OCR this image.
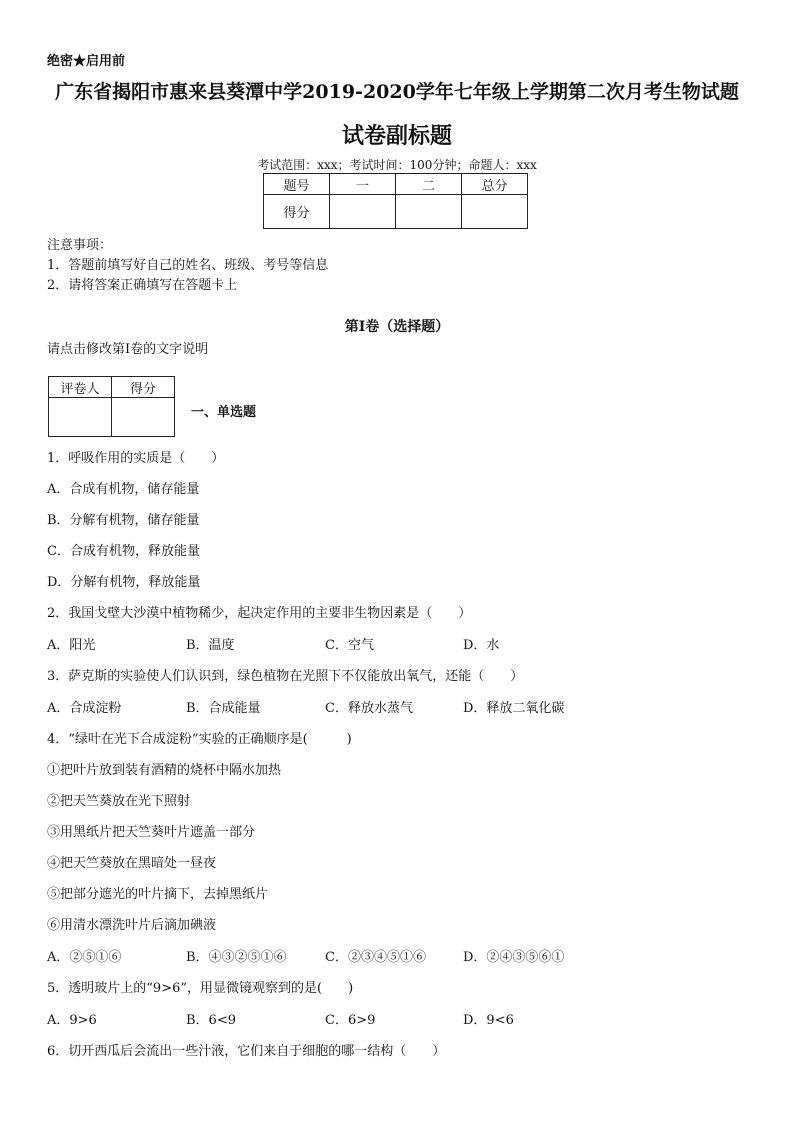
绝密★启用前
广东省揭阳市惠来县葵潭中学2019-2020学年七年级上学期第二次月考生物试题
试卷副标题
考试范围：xxx；考试时间：100分钟；命题人：xxx
题号	一	二	总分
得分			
注意事项：
1．答题前填写好自己的姓名、班级、考号等信息
2．请将答案正确填写在答题卡上
第I卷（选择题）
请点击修改第I卷的文字说明
评卷人	得分

一、单选题
1．呼吸作用的实质是（　　）
A．合成有机物，储存能量
B．分解有机物，储存能量
C．合成有机物，释放能量
D．分解有机物，释放能量
2．我国戈壁大沙漠中植物稀少，起决定作用的主要非生物因素是（　　）
A．阳光	B．温度	C．空气	D．水
3．萨克斯的实验使人们认识到，绿色植物在光照下不仅能放出氧气，还能（　　）
A．合成淀粉	B．合成能量	C．释放水蒸气	D．释放二氧化碳
4．“绿叶在光下合成淀粉”实验的正确顺序是(　　　)
①把叶片放到装有酒精的烧杯中隔水加热
②把天竺葵放在光下照射
③用黑纸片把天竺葵叶片遮盖一部分
④把天竺葵放在黑暗处一昼夜
⑤把部分遮光的叶片摘下，去掉黑纸片
⑥用清水漂洗叶片后滴加碘液
A．②⑤①⑥	B．④③②⑤①⑥	C．②③④⑤①⑥	D．②④③⑤⑥①
5．透明玻片上的“9>6”，用显微镜观察到的是(　　)
A．9>6	B．6<9	C．6>9	D．9<6
6．切开西瓜后会流出一些汁液，它们来自于细胞的哪一结构（　　）
